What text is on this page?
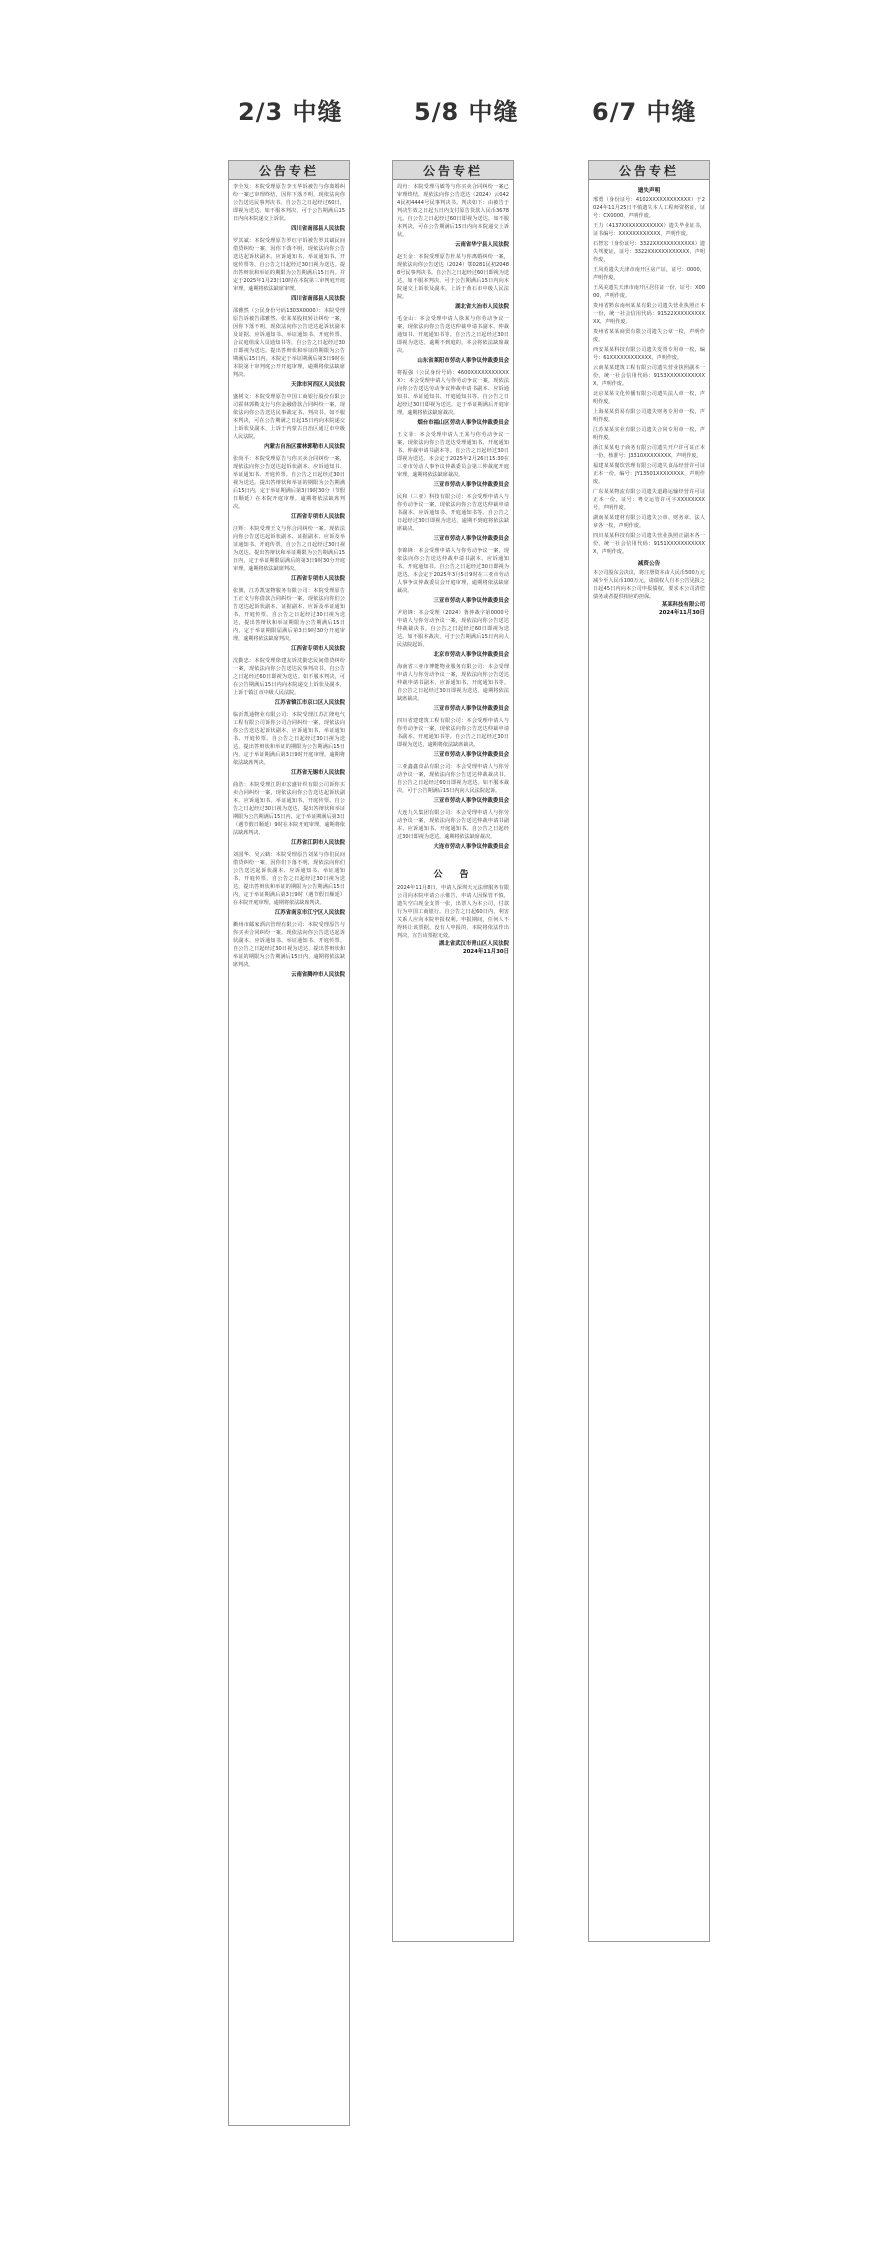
2/3 中缝	5/8 中缝	6/7 中缝
公告专栏
李全发：本院受理原告李玉华诉被告与你离婚纠纷一案已审理终结，因你下落不明，现依法向你公告送达民事判决书。自公告之日起经过60日，即视为送达。如不服本判决，可于公告期满后15日内向本院递交上诉状。
四川省南部县人民法院
罗其斌：本院受理原告罗红宇诉被告罗其斌民间借贷纠纷一案，因你下落不明，现依法向你公告送达起诉状副本、应诉通知书、举证通知书、开庭传票等。自公告之日起经过30日视为送达。提出答辩状和举证的期限为公告期满后15日内。并定于2025年1月23日10时在本院第三审判庭开庭审理，逾期将依法缺席审理。
四川省南部县人民法院
邵雅然（公民身份号码1303X0000）：本院受理原告诉被告邵雅然、张某某股权转让纠纷一案，因你下落不明，现依法向你公告送达起诉状副本及证据、应诉通知书、举证通知书、开庭传票、合议庭组成人员通知书等。自公告之日起经过30日即视为送达。提出答辩状和举证的期限为公告期满后15日内。本院定于举证期满后第3日9时在本院第十审判庭公开开庭审理，逾期将依法缺席判决。
天津市河西区人民法院
盛树文：本院受理原告中国工商银行股份有限公司霍林郭勒支行与你金融借款合同纠纷一案，现依法向你公告送达民事裁定书、判决书。如不服本判决，可在公告期满之日起15日内向本院递交上诉状及副本，上诉于内蒙古自治区通辽市中级人民法院。
内蒙古自治区霍林郭勒市人民法院
张尚平：本院受理原告与你买卖合同纠纷一案，现依法向你公告送达起诉状副本、应诉通知书、举证通知书、开庭传票。自公告之日起经过30日视为送达。提出答辩状和举证的期限为公告期满后15日内，定于举证期满后第3日9时30分（节假日顺延）在本院开庭审理。逾期将依法缺席判决。
江西省专项市人民法院
汪辉：本院受理王文与你合同纠纷一案。现依法向你公告送达起诉状副本、证据副本、应诉及举证通知书、开庭传票。自公告之日起经过30日视为送达。提出答辩状和举证期限为公告期满后15日内，定于举证期限届满后的第3日9时30分开庭审理，逾期将依法缺席判决。
江西省专项市人民法院
张旗，江苏凯宠物服务有限公司：本院受理原告王正文与你借款合同纠纷一案，现依法向你们公告送达起诉状副本、证据副本、应诉及举证通知书、开庭传票。自公告之日起经过30日视为送达，提出答辩状和举证期限为公告期满后15日内，定于举证期限届满后第3日9时30分开庭审理，逾期将依法缺席判决。
江西省专项市人民法院
沈勤忠：本院受理徐建友诉沈勤忠民间借贷纠纷一案，现依法向你公告送达民事判决书。自公告之日起经过60日即视为送达。如不服本判决，可在公告期满后15日内向本院递交上诉状及副本，上诉于镇江市中级人民法院。
江苏省镇江市京口区人民法院
临沂凯通物业有限公司：本院受理江苏汇隆电气工程有限公司诉你公司合同纠纷一案，现依法向你公告送达起诉状副本、应诉通知书、举证通知书、开庭传票。自公告之日起经过30日视为送达，提出答辩状和举证的期限为公告期满后15日内，定于举证期满后第3日9时开庭审理，逾期将依法缺席判决。
江苏省无锡市人民法院
曲浩：本院受理江阴市宏盛针织有限公司诉你买卖合同纠纷一案，现依法向你公告送达起诉状副本、应诉通知书、举证通知书、开庭传票。自公告之日起经过30日视为送达，提出答辩状和举证期限为公告期满后15日内，定于举证期满后第3日（遇节假日顺延）9时在本院开庭审理，逾期将依法缺席判决。
江苏省江阴市人民法院
刘国华、吴云鹤：本院受理原告刘某与你们民间借贷纠纷一案，因你们下落不明，现依法向你们公告送达起诉状副本、应诉通知书、举证通知书、开庭传票。自公告之日起经过30日视为送达，提出答辩状和举证的期限为公告期满后15日内，定于举证期满后第3日9时（遇节假日顺延）在本院开庭审理，逾期将依法缺席判决。
江苏省南京市江宁区人民法院
衢州市邮家酒店管理有限公司：本院受理原告与你买卖合同纠纷一案，现依法向你公告送达起诉状副本、应诉通知书、举证通知书、开庭传票。自公告之日起经过30日视为送达，提出答辩状和举证的期限为公告期满后15日内，逾期将依法缺席判决。
云南省腾冲市人民法院
公告专栏
周舟：本院受理马敏等与你买卖合同纠纷一案已审理终结，现依法向你公告送达（2024）云0424民初4444号民事判决书。判决如下：由被告于判决生效之日起五日内支付原告货款人民币3678元。自公告之日起经过60日即视为送达。如不服本判决，可在公告期满后15日内向本院递交上诉状。
云南省华宁县人民法院
赵玉金：本院受理原告杜某与你离婚纠纷一案，现依法向你公告送达（2024）鄂0281民初20488号民事判决书。自公告之日起经过60日即视为送达，如不服本判决，可于公告期满后15日内向本院递交上诉状及副本，上诉于黄石市中级人民法院。
湖北省大冶市人民法院
毛金山：本会受理申请人徐某与你劳动争议一案，现依法向你公告送达仲裁申请书副本、仲裁通知书、开庭通知书等。自公告之日起经过30日即视为送达。逾期不到庭的，本会将依法缺席裁决。
山东省莱阳市劳动人事争议仲裁委员会
将振强（公民身份号码：4600XXXXXXXXXXXX）：本会受理申请人与你劳动争议一案，现依法向你公告送达劳动争议仲裁申请书副本、应诉通知书、举证通知书、开庭通知书等。自公告之日起经过30日即视为送达，定于举证期满后开庭审理，逾期将依法缺席裁决。
烟台市福山区劳动人事争议仲裁委员会
王文菲：本会受理申请人王某与你劳动争议一案，现依法向你公告送达受理通知书、开庭通知书、仲裁申请书副本等。自公告之日起经过30日即视为送达。本会定于2025年2月26日15:30在三亚市劳动人事争议仲裁委员会第三仲裁庭开庭审理，逾期将依法缺席裁决。
三亚市劳动人事争议仲裁委员会
民和（三亚）科技有限公司：本会受理申请人与你劳动争议一案，现依法向你公告送达仲裁申请书副本、应诉通知书、开庭通知书等。自公告之日起经过30日即视为送达，逾期不到庭将依法缺席裁决。
三亚市劳动人事争议仲裁委员会
李锦锋：本会受理申请人与你劳动争议一案，现依法向你公告送达仲裁申请书副本、应诉通知书、开庭通知书。自公告之日起经过30日即视为送达。本会定于2025年3月5日9时在三亚市劳动人事争议仲裁委员会开庭审理，逾期将依法缺席裁决。
三亚市劳动人事争议仲裁委员会
尹培锋：本会受理（2024）鲁仲裁字第0000号申请人与你劳动争议一案，现依法向你公告送达仲裁裁决书。自公告之日起经过60日即视为送达。如不服本裁决，可于公告期满后15日内向人民法院起诉。
北京市劳动人事争议仲裁委员会
海南省三亚市博能物业服务有限公司：本会受理申请人与你劳动争议一案，现依法向你公告送达仲裁申请书副本、应诉通知书、开庭通知书等。自公告之日起经过30日即视为送达，逾期将依法缺席裁决。
三亚市劳动人事争议仲裁委员会
四川省建建筑工程有限公司：本会受理申请人与你劳动争议一案，现依法向你公告送达仲裁申请书副本、开庭通知书等。自公告之日起经过30日即视为送达，逾期将依法缺席裁决。
三亚市劳动人事争议仲裁委员会
三亚鑫鑫食品有限公司：本会受理申请人与你劳动争议一案，现依法向你公告送达仲裁裁决书。自公告之日起经过60日即视为送达。如不服本裁决，可于公告期满后15日内向人民法院起诉。
三亚市劳动人事争议仲裁委员会
大连九久集团有限公司：本会受理申请人与你劳动争议一案，现依法向你公告送达仲裁申请书副本、应诉通知书、开庭通知书。自公告之日起经过30日即视为送达，逾期将依法缺席裁决。
大连市劳动人事争议仲裁委员会
公　告
2024年11月8日，申请人深圳天元法律服务有限公司向本院申请公示催告，申请人因保管不慎，遗失空白现金支票一张，出票人为本公司，付款行为中国工商银行。自公告之日起60日内，利害关系人应向本院申报权利。申报期间，任何人不得转让该票据。没有人申报的，本院将依法作出判决，宣告该票据无效。
湖北省武汉市青山区人民法院
2024年11月30日
公告专栏
遗失声明
邢勇（身份证号：4102XXXXXXXXXXXX）于2024年11月25日不慎遗失本人工程师资格证，证号：CX0000，声明作废。
王力（4137XXXXXXXXXXXX）遗失毕业证书，证书编号：XXXXXXXXXXXX，声明作废。
石智宏（身份证号：3322XXXXXXXXXXXX）遗失驾驶证，证号：3322XXXXXXXXXXXX，声明作废。
王凤英遗失天津市南开区房产证，证号：0000，声明作废。
王凤美遗失天津市南开区居住证一份，证号：X0000，声明作废。
贵州省黔东南州某某有限公司遗失营业执照正本一份，统一社会信用代码：91522XXXXXXXXXXX，声明作废。
贵州省某某商贸有限公司遗失公章一枚，声明作废。
西安某某科技有限公司遗失发票专用章一枚，编号：61XXXXXXXXXXXX，声明作废。
云南某某建筑工程有限公司遗失营业执照副本一份，统一社会信用代码：9153XXXXXXXXXXXX，声明作废。
北京某某文化传播有限公司遗失法人章一枚，声明作废。
上海某某贸易有限公司遗失财务专用章一枚，声明作废。
江苏某某实业有限公司遗失合同专用章一枚，声明作废。
浙江某某电子商务有限公司遗失开户许可证正本一份，核准号：J3310XXXXXXXX，声明作废。
福建某某餐饮管理有限公司遗失食品经营许可证正本一份，编号：JY13501XXXXXXXX，声明作废。
广东某某物流有限公司遗失道路运输经营许可证正本一份，证号：粤交运管许可字XXXXXXXX号，声明作废。
湖南某某建材有限公司遗失公章、财务章、法人章各一枚，声明作废。
四川某某科技有限公司遗失营业执照正副本各一份，统一社会信用代码：9151XXXXXXXXXXXX，声明作废。
减资公告
本公司股东会决议，将注册资本由人民币500万元减少至人民币100万元。请债权人自本公告见报之日起45日内向本公司申报债权，要求本公司清偿债务或者提供相应的担保。
某某科技有限公司
2024年11月30日
